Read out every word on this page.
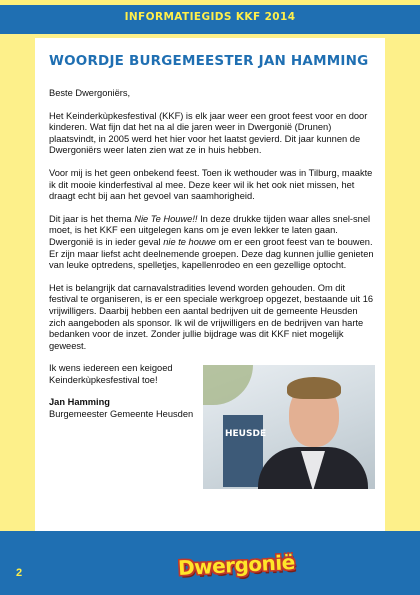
INFORMATIEGIDS KKF 2014
WOORDJE BURGEMEESTER JAN HAMMING

Beste Dwergoniërs,

Het Keinderkùpkesfestival (KKF) is elk jaar weer een groot feest voor en door kinderen. Wat fijn dat het na al die jaren weer in Dwergonië (Drunen) plaatsvindt, in 2005 werd het hier voor het laatst gevierd. Dit jaar kunnen de Dwergoniërs weer laten zien wat ze in huis hebben.

Voor mij is het geen onbekend feest. Toen ik wethouder was in Tilburg, maakte ik dit mooie kinderfestival al mee. Deze keer wil ik het ook niet missen, het draagt echt bij aan het gevoel van saamhorigheid.

Dit jaar is het thema Nie Te Houwe!! In deze drukke tijden waar alles snel-snel moet, is het KKF een uitgelegen kans om je even lekker te laten gaan. Dwergonië is in ieder geval nie te houwe om er een groot feest van te bouwen. Er zijn maar liefst acht deelnemende groepen. Deze dag kunnen jullie genieten van leuke optredens, spelletjes, kapellenrodeo en een gezellige optocht.

Het is belangrijk dat carnavalstradities levend worden gehouden. Om dit festival te organiseren, is er een speciale werkgroep opgezet, bestaande uit 16 vrijwilligers. Daarbij hebben een aantal bedrijven uit de gemeente Heusden zich aangeboden als sponsor. Ik wil de vrijwilligers en de bedrijven van harte bedanken voor de inzet. Zonder jullie bijdrage was dit KKF niet mogelijk geweest.

Ik wens iedereen een keigoed Keinderkùpkesfestival toe!

Jan Hamming
Burgemeester Gemeente Heusden

HEUSDE
2	Dwergonië
